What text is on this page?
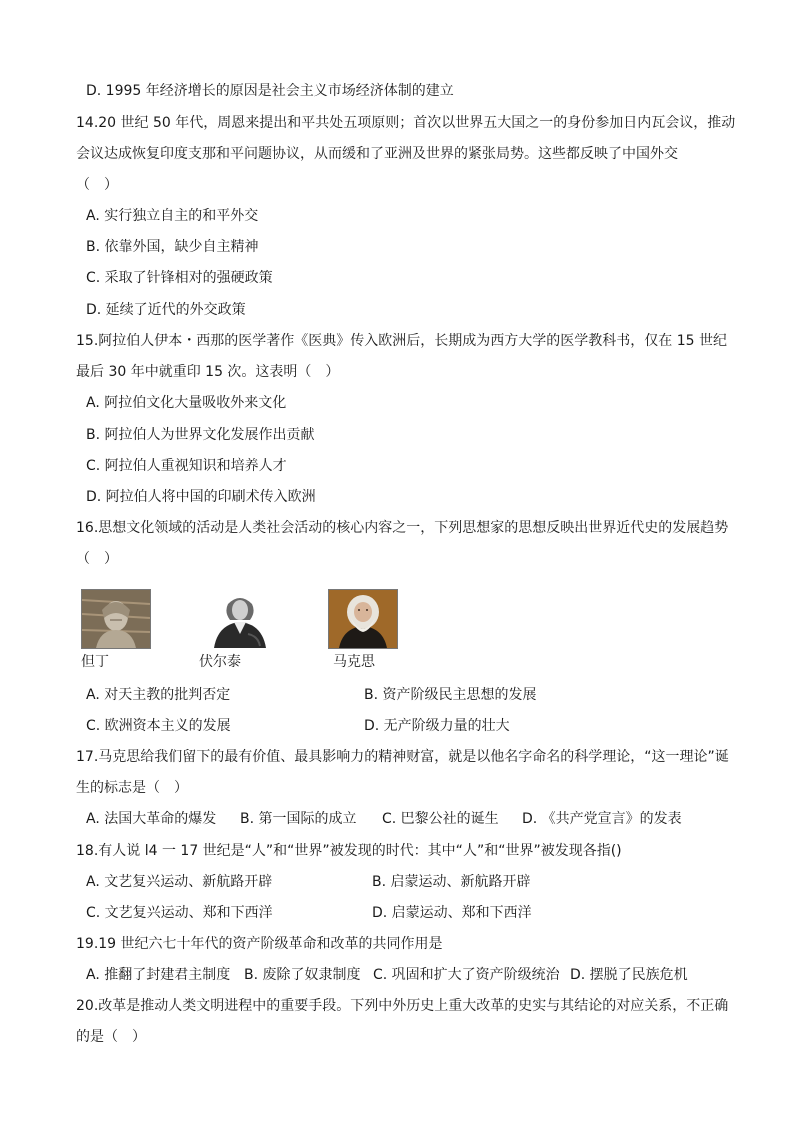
D. 1995 年经济增长的原因是社会主义市场经济体制的建立
14.20 世纪 50 年代，周恩来提出和平共处五项原则；首次以世界五大国之一的身份参加日内瓦会议，推动
会议达成恢复印度支那和平问题协议，从而缓和了亚洲及世界的紧张局势。这些都反映了中国外交
（　）
A. 实行独立自主的和平外交
B. 依靠外国，缺少自主精神
C. 采取了针锋相对的强硬政策
D. 延续了近代的外交政策
15.阿拉伯人伊本・西那的医学著作《医典》传入欧洲后，长期成为西方大学的医学教科书，仅在 15 世纪
最后 30 年中就重印 15 次。这表明（　）
A. 阿拉伯文化大量吸收外来文化
B. 阿拉伯人为世界文化发展作出贡献
C. 阿拉伯人重视知识和培养人才
D. 阿拉伯人将中国的印刷术传入欧洲
16.思想文化领域的活动是人类社会活动的核心内容之一，下列思想家的思想反映出世界近代史的发展趋势
（　）
但丁	伏尔泰	马克思
A. 对天主教的批判否定	B. 资产阶级民主思想的发展
C. 欧洲资本主义的发展	D. 无产阶级力量的壮大
17.马克思给我们留下的最有价值、最具影响力的精神财富，就是以他名字命名的科学理论，“这一理论”诞
生的标志是（　）
A. 法国大革命的爆发 B. 第一国际的成立 C. 巴黎公社的诞生 D. 《共产党宣言》的发表
18.有人说 l4 一 17 世纪是“人”和“世界”被发现的时代：其中“人”和“世界”被发现各指()
A. 文艺复兴运动、新航路开辟	B. 启蒙运动、新航路开辟
C. 文艺复兴运动、郑和下西洋	D. 启蒙运动、郑和下西洋
19.19 世纪六七十年代的资产阶级革命和改革的共同作用是
A. 推翻了封建君主制度 B. 废除了奴隶制度 C. 巩固和扩大了资产阶级统治 D. 摆脱了民族危机
20.改革是推动人类文明进程中的重要手段。下列中外历史上重大改革的史实与其结论的对应关系，不正确
的是（　）
